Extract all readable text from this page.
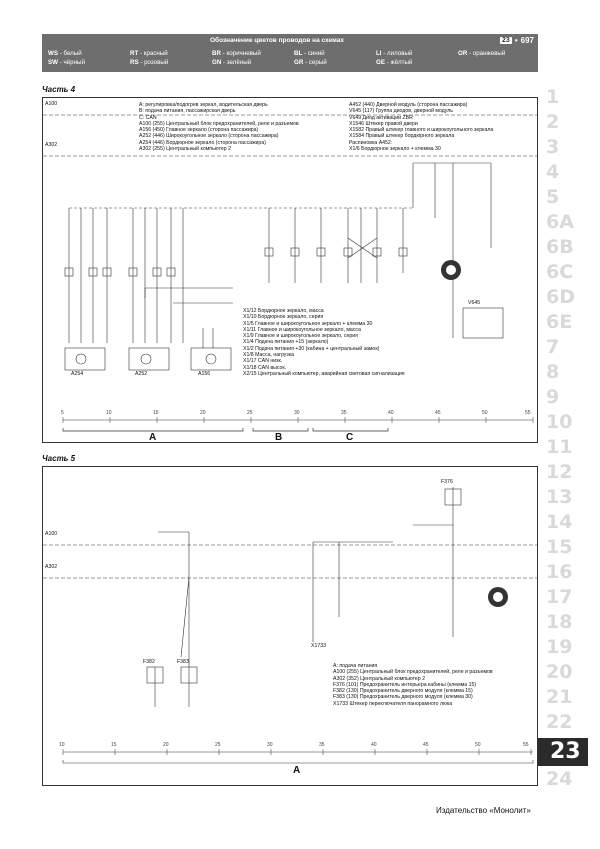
Обозначение цветов проводов на схемах	23 • 697
WS - белый	RT - красный	BR - коричневый	BL - синий	LI - лиловый	OR - оранжевый
SW - чёрный	RS - розовый	GN - зелёный	GR - серый	GE - жёлтый
Часть 4
A100
A302
A: регулировка/подогрев зеркал, водительская дверь
B: подача питания, пассажирская дверь
C: CAN
A100 (255) Центральный блок предохранителей, реле и разъемов
A156 (450) Главное зеркало (сторона пассажира)
A252 (446) Широкоугольное зеркало (сторона пассажира)
A254 (446) Бордюрное зеркало (сторона пассажира)
A302 (255) Центральный компьютер 2
A452 (440) Дверной модуль (сторона пассажира)
V645 (117) Группа диодов, дверной модуль
V649 Диод активации ZBR
X1546 Штекер правой двери
X1582 Правый штекер главного и широкоугольного зеркала
X1584 Правый штекер бордюрного зеркала
Распиновка A452:
X1/6 Бордюрное зеркало + клемма 30
X1/12 Бордюрное зеркало, масса
X1/10 Бордюрное зеркало, серия
X1/5 Главное и широкоугольное зеркало + клемма 30
X1/11 Главное и широкоугольное зеркало, масса
X1/9 Главное и широкоугольное зеркало, серия
X1/4 Подача питания +15 (зеркало)
X1/2 Подача питания +30 (кабина + центральный замок)
X1/8 Масса, нагрузка
X1/17 CAN низк.
X1/18 CAN высок.
X2/15 Центральный компьютер, аварийная световая сигнализация
A254	A252	A156
V645
5	10	15	20	25	30	35	40	45	50	55
A	B	C
Часть 5
A100
A302
F376
F382	F383
X1733
A: подача питания
A100 (255) Центральный блок предохранителей, реле и разъемов
A302 (352) Центральный компьютер 2
F376 (101) Предохранитель интерьера кабины (клемма 15)
F382 (130) Предохранитель дверного модуля (клемма 15)
F383 (130) Предохранитель дверного модуля (клемма 30)
X1733 Штекер переключателя панорамного люка
10	15	20	25	30	35	40	45	50	55
A
1
2
3
4
5
6A
6B
6C
6D
6E
7
8
9
10
11
12
13
14
15
16
17
18
19
20
21
22
23
24
Издательство «Монолит»
